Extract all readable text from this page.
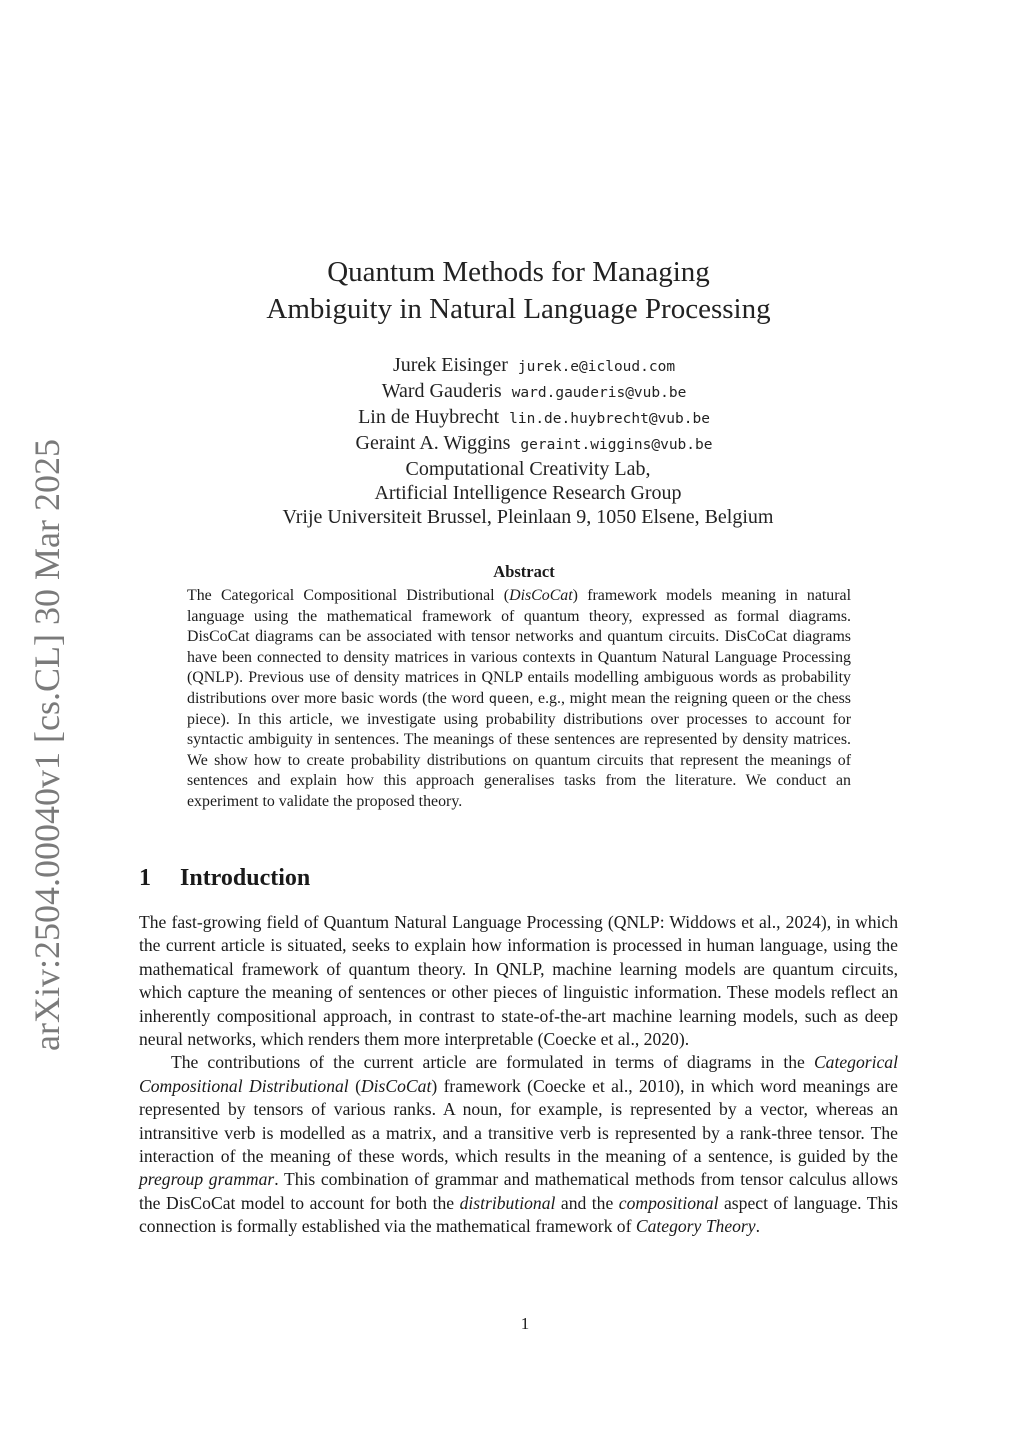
arXiv:2504.00040v1 [cs.CL] 30 Mar 2025
Quantum Methods for Managing
Ambiguity in Natural Language Processing
Jurek Eisinger jurek.e@icloud.com
Ward Gauderis ward.gauderis@vub.be
Lin de Huybrecht lin.de.huybrecht@vub.be
Geraint A. Wiggins geraint.wiggins@vub.be
Computational Creativity Lab,
Artificial Intelligence Research Group
Vrije Universiteit Brussel, Pleinlaan 9, 1050 Elsene, Belgium
Abstract
The Categorical Compositional Distributional (DisCoCat) framework models meaning in natural language using the mathematical framework of quantum theory, expressed as formal diagrams. DisCoCat diagrams can be associated with tensor networks and quantum circuits. DisCoCat diagrams have been connected to density matrices in various contexts in Quantum Natural Language Processing (QNLP). Previous use of density matrices in QNLP entails modelling ambiguous words as probability distributions over more basic words (the word queen, e.g., might mean the reigning queen or the chess piece). In this article, we investigate using probability distributions over processes to account for syntactic ambiguity in sentences. The meanings of these sentences are represented by density matrices. We show how to create probability distributions on quantum circuits that represent the meanings of sentences and explain how this approach generalises tasks from the literature. We conduct an experiment to validate the proposed theory.
1 Introduction

The fast-growing field of Quantum Natural Language Processing (QNLP: Widdows et al., 2024), in which the current article is situated, seeks to explain how information is processed in human language, using the mathematical framework of quantum theory. In QNLP, machine learning models are quantum circuits, which capture the meaning of sentences or other pieces of linguistic information. These models reflect an inherently compositional approach, in contrast to state-of-the-art machine learning models, such as deep neural networks, which renders them more interpretable (Coecke et al., 2020).

The contributions of the current article are formulated in terms of diagrams in the Categorical Compositional Distributional (DisCoCat) framework (Coecke et al., 2010), in which word meanings are represented by tensors of various ranks. A noun, for example, is represented by a vector, whereas an intransitive verb is modelled as a matrix, and a transitive verb is represented by a rank-three tensor. The interaction of the meaning of these words, which results in the meaning of a sentence, is guided by the pregroup grammar. This combination of grammar and mathematical methods from tensor calculus allows the DisCoCat model to account for both the distributional and the compositional aspect of language. This connection is formally established via the mathematical framework of Category Theory.

1
